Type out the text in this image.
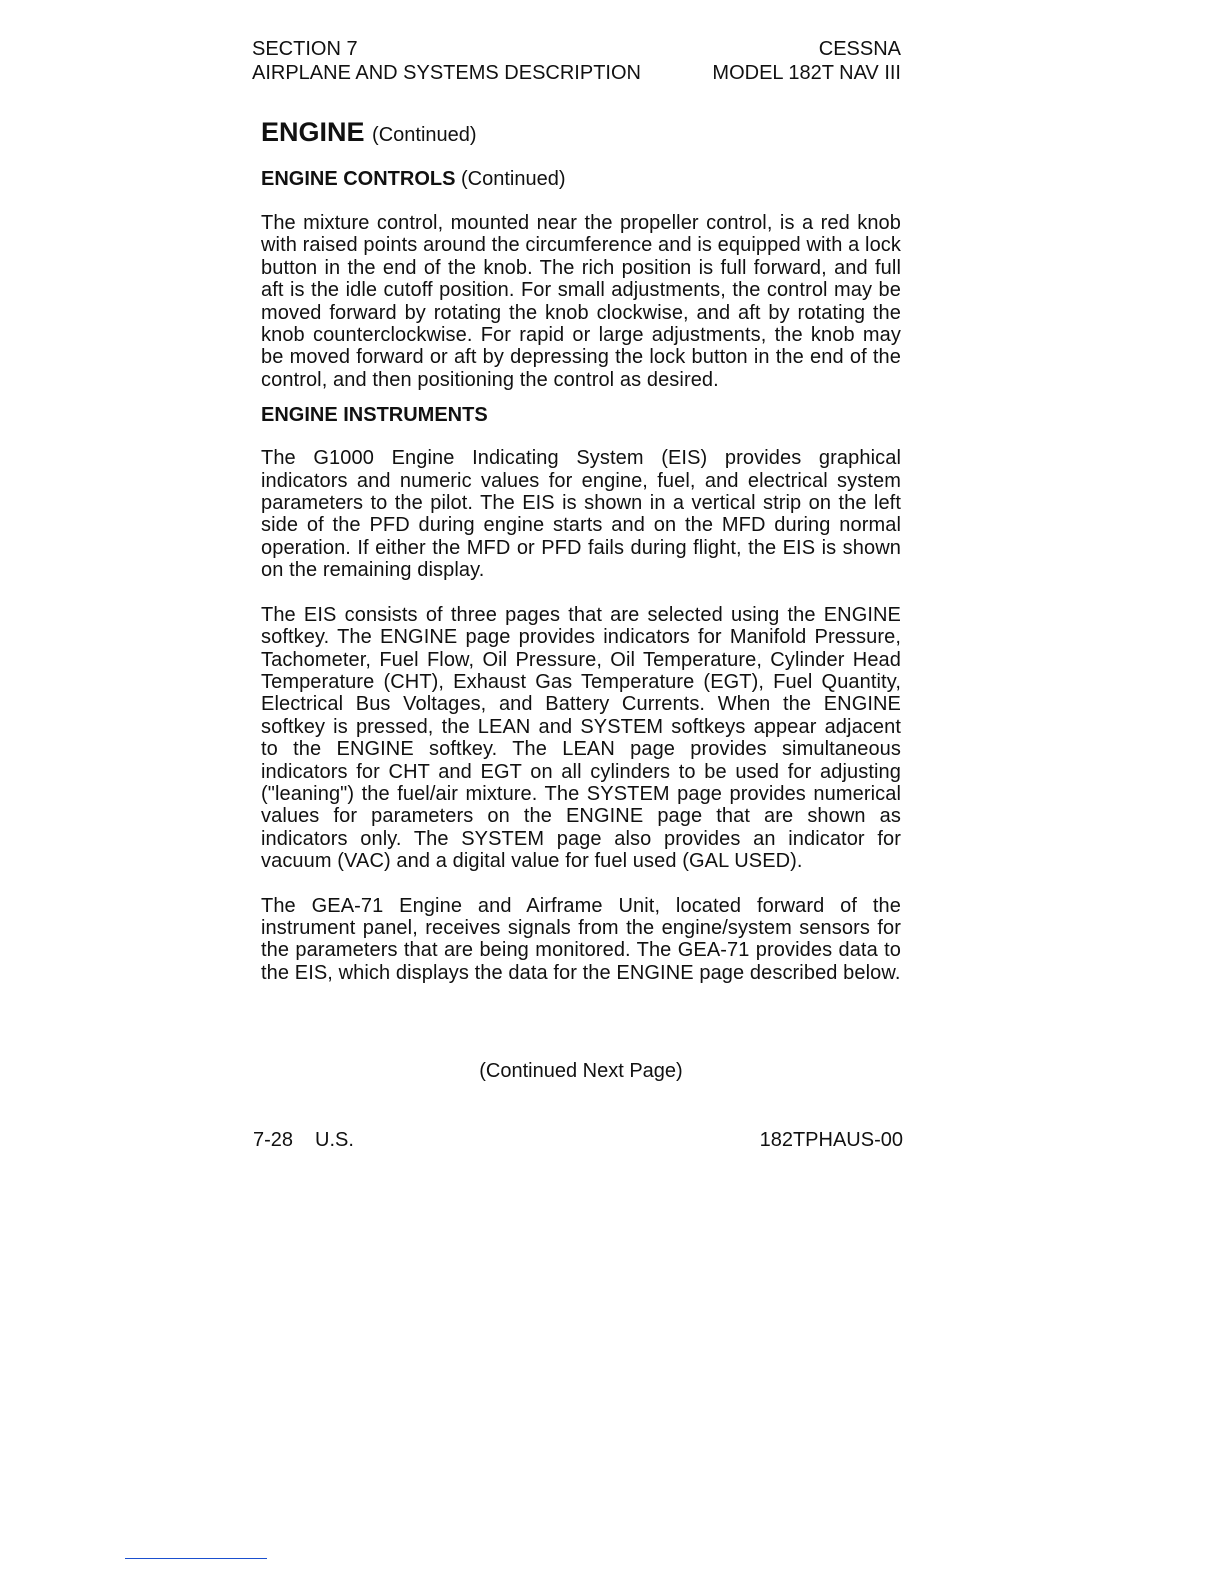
SECTION 7
AIRPLANE AND SYSTEMS DESCRIPTION
CESSNA
MODEL 182T NAV III
ENGINE (Continued)
ENGINE CONTROLS (Continued)

The mixture control, mounted near the propeller control, is a red knob with raised points around the circumference and is equipped with a lock button in the end of the knob. The rich position is full forward, and full aft is the idle cutoff position. For small adjustments, the control may be moved forward by rotating the knob clockwise, and aft by rotating the knob counterclockwise. For rapid or large adjustments, the knob may be moved forward or aft by depressing the lock button in the end of the control, and then positioning the control as desired.

ENGINE INSTRUMENTS

The G1000 Engine Indicating System (EIS) provides graphical indicators and numeric values for engine, fuel, and electrical system parameters to the pilot. The EIS is shown in a vertical strip on the left side of the PFD during engine starts and on the MFD during normal operation. If either the MFD or PFD fails during flight, the EIS is shown on the remaining display.

The EIS consists of three pages that are selected using the ENGINE softkey. The ENGINE page provides indicators for Manifold Pressure, Tachometer, Fuel Flow, Oil Pressure, Oil Temperature, Cylinder Head Temperature (CHT), Exhaust Gas Temperature (EGT), Fuel Quantity, Electrical Bus Voltages, and Battery Currents. When the ENGINE softkey is pressed, the LEAN and SYSTEM softkeys appear adjacent to the ENGINE softkey. The LEAN page provides simultaneous indicators for CHT and EGT on all cylinders to be used for adjusting ("leaning") the fuel/air mixture. The SYSTEM page provides numerical values for parameters on the ENGINE page that are shown as indicators only. The SYSTEM page also provides an indicator for vacuum (VAC) and a digital value for fuel used (GAL USED).

The GEA-71 Engine and Airframe Unit, located forward of the instrument panel, receives signals from the engine/system sensors for the parameters that are being monitored. The GEA-71 provides data to the EIS, which displays the data for the ENGINE page described below.

(Continued Next Page)
7-28 U.S.	182TPHAUS-00
